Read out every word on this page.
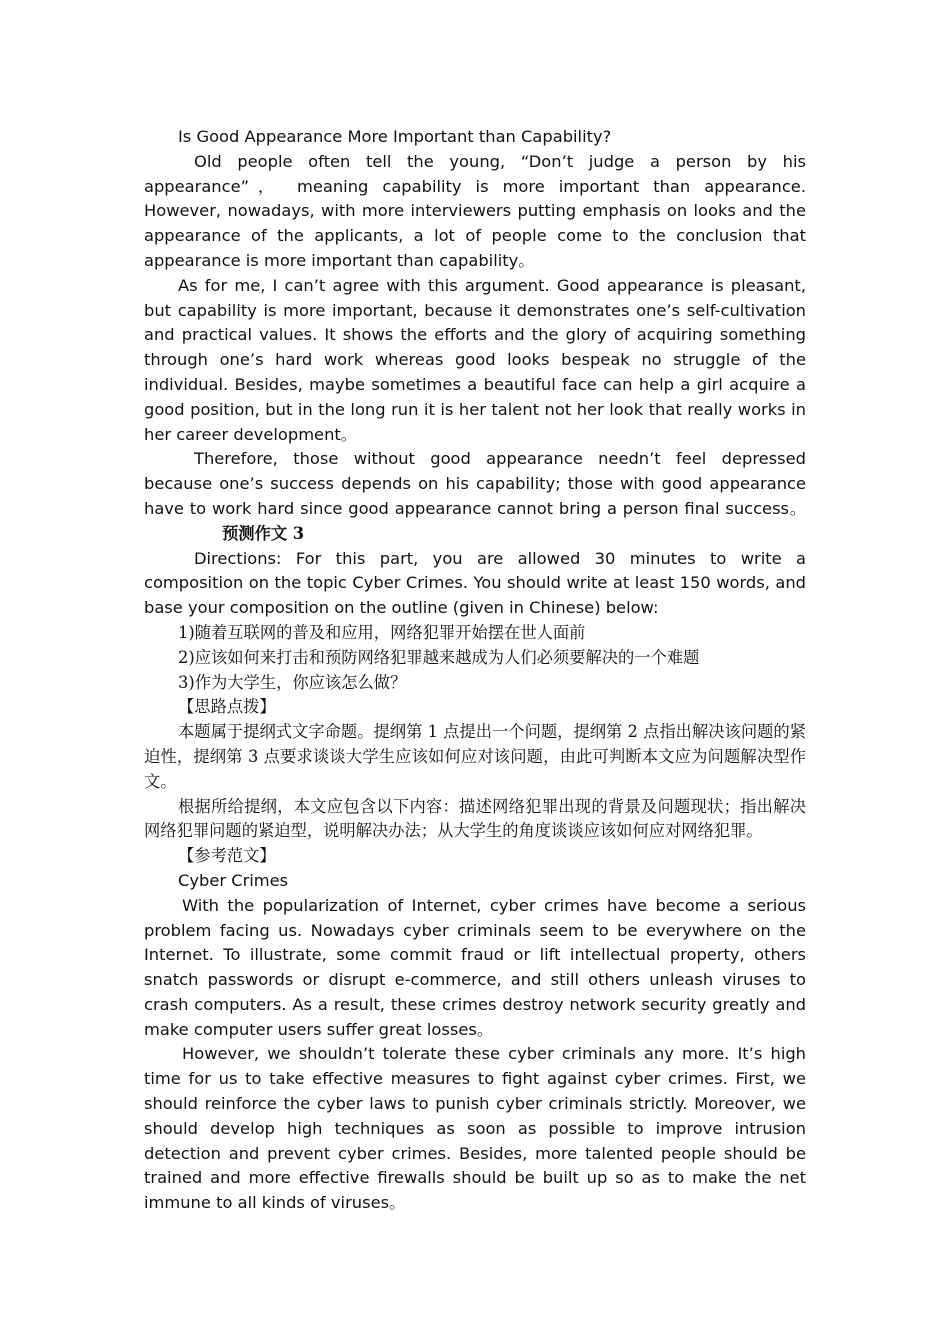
Is Good Appearance More Important than Capability?

Old people often tell the young, “Don’t judge a person by his appearance”， meaning capability is more important than appearance. However, nowadays, with more interviewers putting emphasis on looks and the appearance of the applicants, a lot of people come to the conclusion that appearance is more important than capability。

As for me, I can’t agree with this argument. Good appearance is pleasant, but capability is more important, because it demonstrates one’s self-cultivation and practical values. It shows the efforts and the glory of acquiring something through one’s hard work whereas good looks bespeak no struggle of the individual. Besides, maybe sometimes a beautiful face can help a girl acquire a good position, but in the long run it is her talent not her look that really works in her career development。

Therefore, those without good appearance needn’t feel depressed because one’s success depends on his capability; those with good appearance have to work hard since good appearance cannot bring a person final success。预测作文 3

Directions: For this part, you are allowed 30 minutes to write a composition on the topic Cyber Crimes. You should write at least 150 words, and base your composition on the outline (given in Chinese) below:

1)随着互联网的普及和应用，网络犯罪开始摆在世人面前

2)应该如何来打击和预防网络犯罪越来越成为人们必须要解决的一个难题

3)作为大学生，你应该怎么做？

【思路点拨】

本题属于提纲式文字命题。提纲第 1 点提出一个问题，提纲第 2 点指出解决该问题的紧迫性，提纲第 3 点要求谈谈大学生应该如何应对该问题，由此可判断本文应为问题解决型作文。

根据所给提纲，本文应包含以下内容：描述网络犯罪出现的背景及问题现状；指出解决网络犯罪问题的紧迫型，说明解决办法；从大学生的角度谈谈应该如何应对网络犯罪。

【参考范文】

Cyber Crimes

With the popularization of Internet, cyber crimes have become a serious problem facing us. Nowadays cyber criminals seem to be everywhere on the Internet. To illustrate, some commit fraud or lift intellectual property, others snatch passwords or disrupt e-commerce, and still others unleash viruses to crash computers. As a result, these crimes destroy network security greatly and make computer users suffer great losses。

However, we shouldn’t tolerate these cyber criminals any more. It’s high time for us to take effective measures to fight against cyber crimes. First, we should reinforce the cyber laws to punish cyber criminals strictly. Moreover, we should develop high techniques as soon as possible to improve intrusion detection and prevent cyber crimes. Besides, more talented people should be trained and more effective firewalls should be built up so as to make the net immune to all kinds of viruses。
